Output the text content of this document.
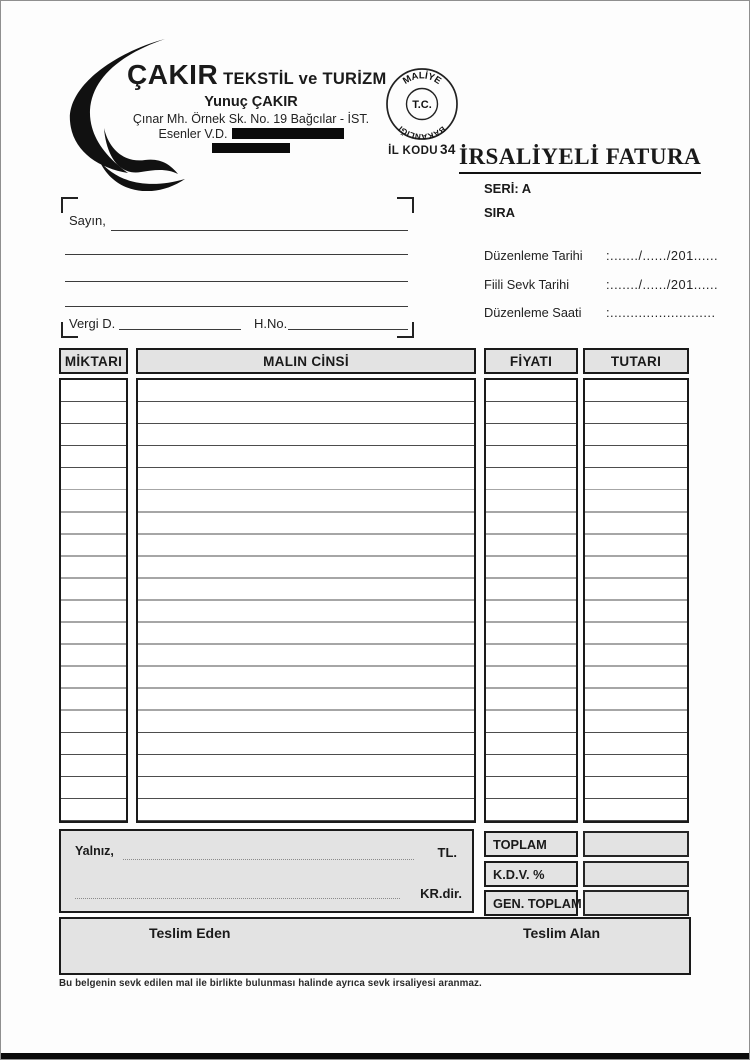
ÇAKIR TEKSTİL ve TURİZM
Yunuç ÇAKIR
Çınar Mh. Örnek Sk. No. 19 Bağcılar - İST.
Esenler V.D.
MALİYE
BAKANLIĞI
T.C.
İL KODU 34 İRSALİYELİ FATURA
SERİ: A
SIRA
Düzenleme Tarihi	:......./....../201......
Fiili Sevk Tarihi	:......./....../201......
Düzenleme Saati	:..........................
Sayın,
Vergi D.	H.No.
MİKTARI	MALIN CİNSİ	FİYATI	TUTARI
Yalnız,	TL.
KR.dir.
TOPLAM
K.D.V. %
GEN. TOPLAM
Teslim Eden	Teslim Alan
Bu belgenin sevk edilen mal ile birlikte bulunması halinde ayrıca sevk irsaliyesi aranmaz.
